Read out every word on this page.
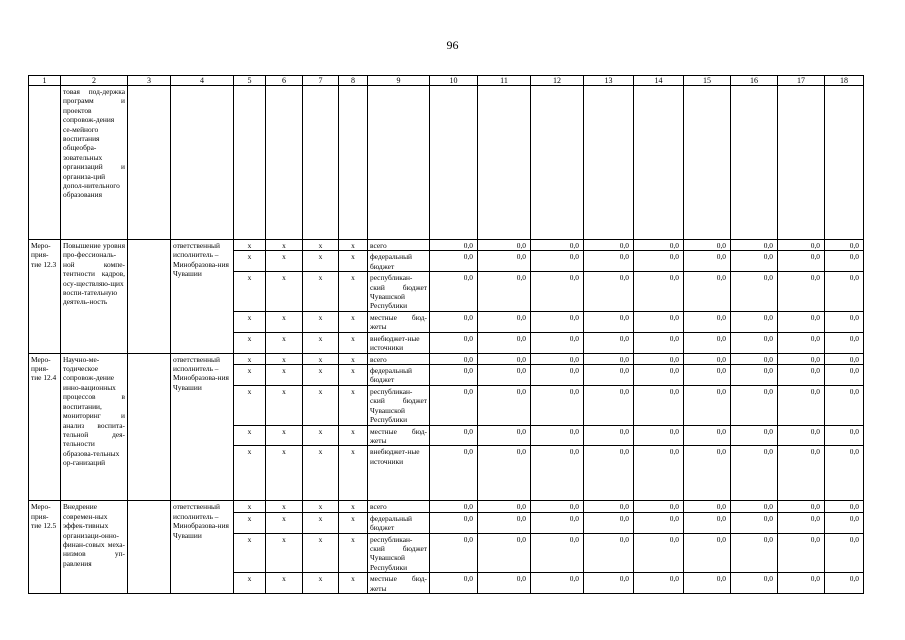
96
1	2	3	4	5	6	7	8	9	10	11	12	13	14	15	16	17	18
	товая под-держка программ и проектов сопровож-дения се-мейного воспитания общеобра-зовательных организаций и организа-ций допол-нительного образования																
Меро-прия-тие 12.3	Повышение уровня про-фессиональ-ной компе-тентности кадров, осу-ществляю-щих воспи-тательную деятель-ность		ответственный исполнитель – Минобразова-ния Чувашии	x	x	x	x	всего	0,0	0,0	0,0	0,0	0,0	0,0	0,0	0,0	0,0
				x	x	x	x	федеральный бюджет	0,0	0,0	0,0	0,0	0,0	0,0	0,0	0,0	0,0
				x	x	x	x	республикан-ский бюджет Чувашской Республики	0,0	0,0	0,0	0,0	0,0	0,0	0,0	0,0	0,0
				x	x	x	x	местные бюд-жеты	0,0	0,0	0,0	0,0	0,0	0,0	0,0	0,0	0,0
				x	x	x	x	внебюджет-ные источники	0,0	0,0	0,0	0,0	0,0	0,0	0,0	0,0	0,0
Меро-прия-тие 12.4	Научно-ме-тодическое сопровож-дение инно-вационных процессов в воспитании, мониторинг и анализ воспита-тельной дея-тельности образова-тельных ор-ганизаций		ответственный исполнитель – Минобразова-ния Чувашии	x	x	x	x	всего	0,0	0,0	0,0	0,0	0,0	0,0	0,0	0,0	0,0
				x	x	x	x	федеральный бюджет	0,0	0,0	0,0	0,0	0,0	0,0	0,0	0,0	0,0
				x	x	x	x	республикан-ский бюджет Чувашской Республики	0,0	0,0	0,0	0,0	0,0	0,0	0,0	0,0	0,0
				x	x	x	x	местные бюд-жеты	0,0	0,0	0,0	0,0	0,0	0,0	0,0	0,0	0,0
				x	x	x	x	внебюджет-ные источники	0,0	0,0	0,0	0,0	0,0	0,0	0,0	0,0	0,0
Меро-прия-тие 12.5	Внедрение современ-ных эффек-тивных организаци-онно-финан-совых меха-низмов уп-равления		ответственный исполнитель – Минобразова-ния Чувашии	x	x	x	x	всего	0,0	0,0	0,0	0,0	0,0	0,0	0,0	0,0	0,0
				x	x	x	x	федеральный бюджет	0,0	0,0	0,0	0,0	0,0	0,0	0,0	0,0	0,0
				x	x	x	x	республикан-ский бюджет Чувашской Республики	0,0	0,0	0,0	0,0	0,0	0,0	0,0	0,0	0,0
				x	x	x	x	местные бюд-жеты	0,0	0,0	0,0	0,0	0,0	0,0	0,0	0,0	0,0
